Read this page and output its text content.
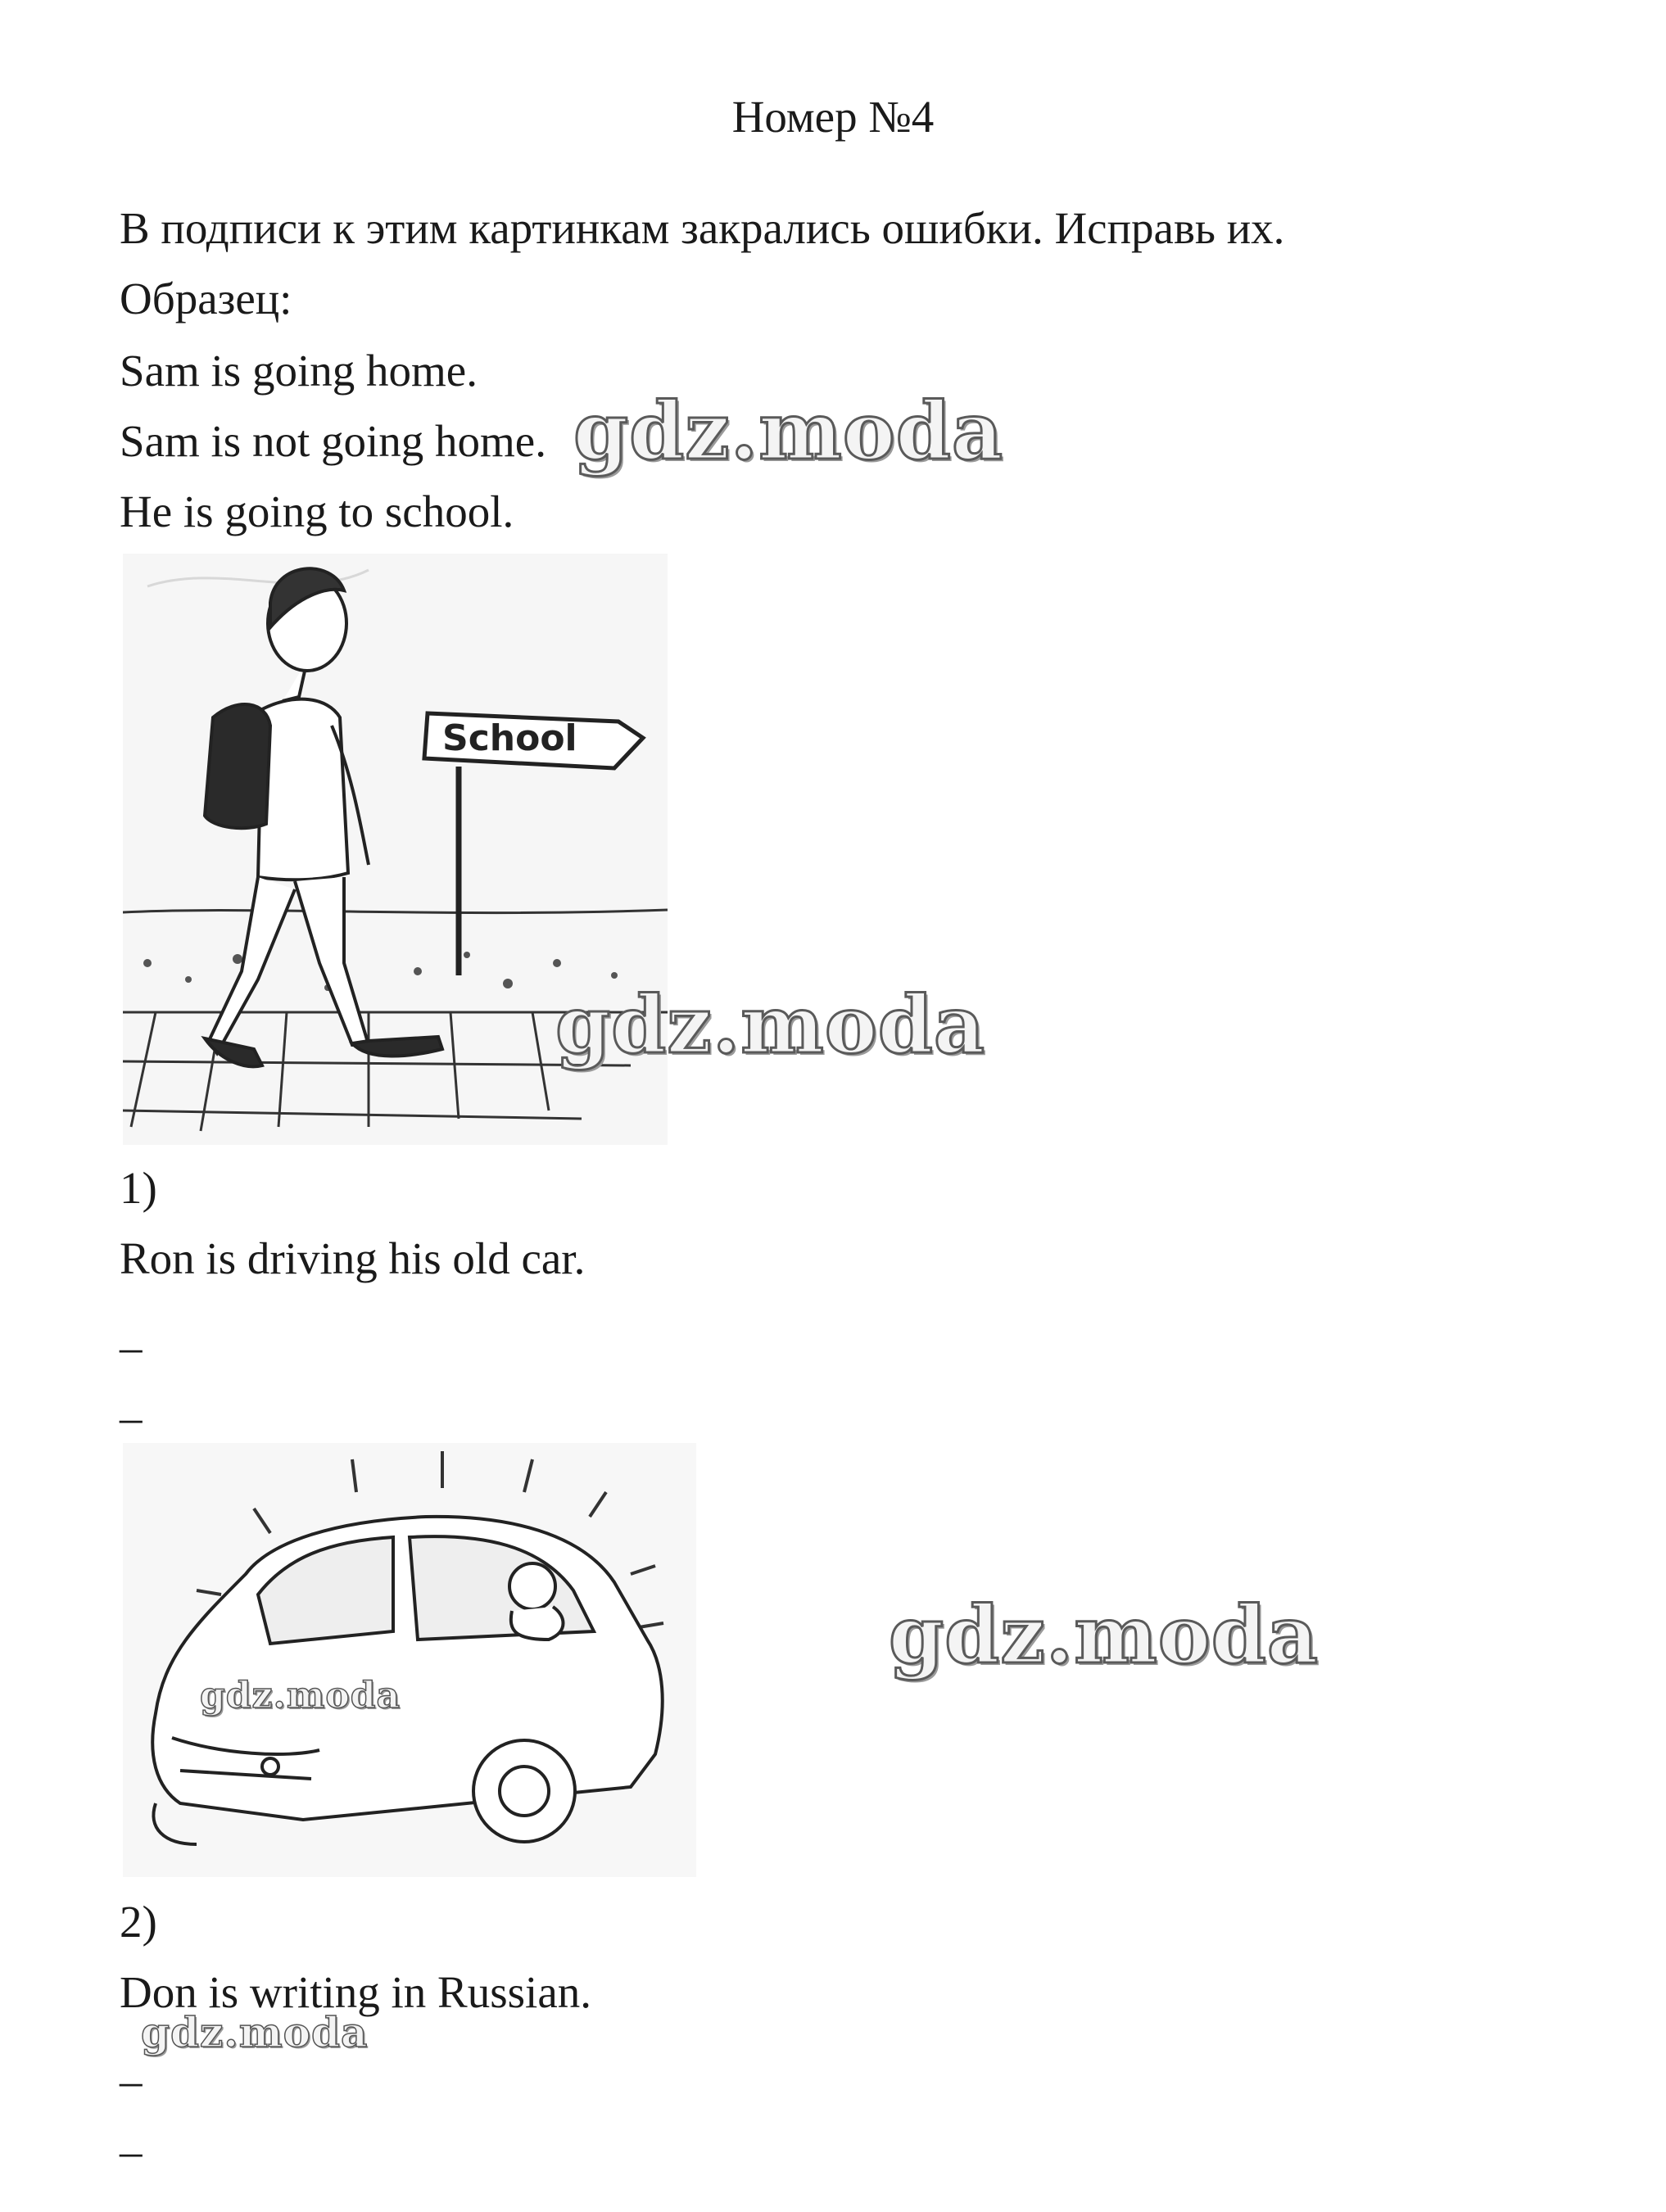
Номер №4
В подписи к этим картинкам закрались ошибки. Исправь их.
Образец:
Sam is going home.
Sam is not going home.
He is going to school.
School
1)
Ron is driving his old car.
–
–
2)
Don is writing in Russian.
–
–
gdz.moda
gdz.moda
gdz.moda
gdz.moda
gdz.moda
